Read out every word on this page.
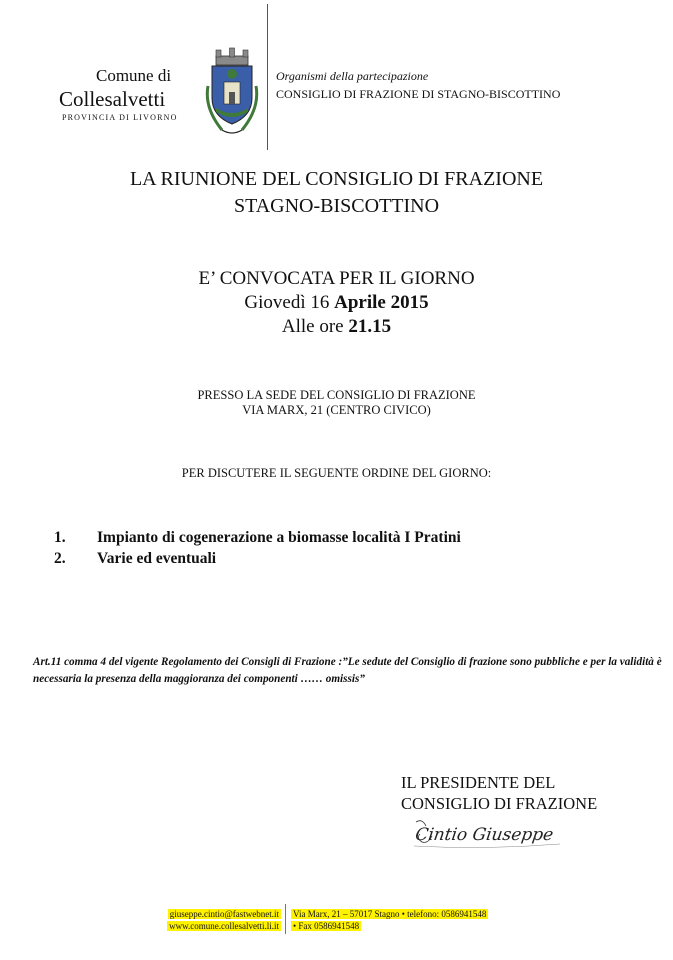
Comune di
Collesalvetti
PROVINCIA DI LIVORNO
Organismi della partecipazione
CONSIGLIO DI FRAZIONE DI STAGNO-BISCOTTINO
LA RIUNIONE DEL CONSIGLIO DI FRAZIONE
STAGNO-BISCOTTINO
E’ CONVOCATA PER IL GIORNO
Giovedì 16 Aprile 2015
Alle ore 21.15
PRESSO LA SEDE DEL CONSIGLIO DI FRAZIONE
VIA MARX, 21 (CENTRO CIVICO)
PER DISCUTERE IL SEGUENTE ORDINE DEL GIORNO:
1.	Impianto di cogenerazione a biomasse località I Pratini
2.	Varie ed eventuali
Art.11 comma 4 del vigente Regolamento dei Consigli di Frazione :”Le sedute del Consiglio di frazione sono pubbliche e per la validità è necessaria la presenza della maggioranza dei componenti …… omissis”
IL PRESIDENTE DEL
CONSIGLIO DI FRAZIONE
Cintio Giuseppe
giuseppe.cintio@fastwebnet.it
www.comune.collesalvetti.li.it
Via Marx, 21 – 57017 Stagno • telefono: 0586941548
• Fax 0586941548
